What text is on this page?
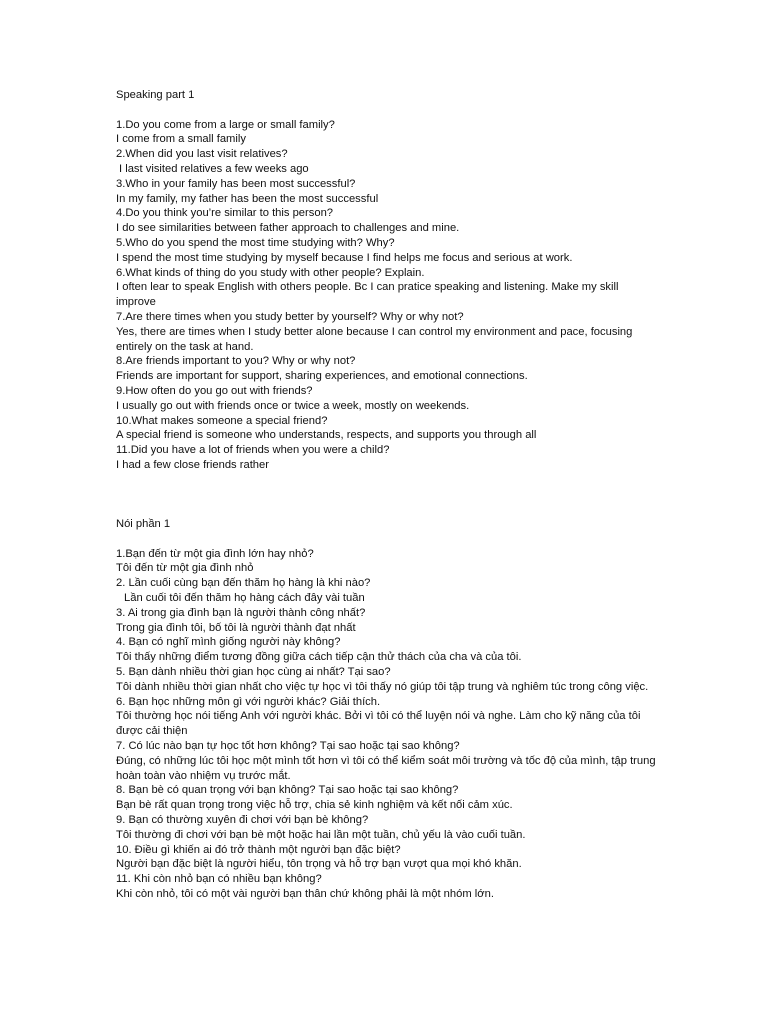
Speaking part 1
1.Do you come from a large or small family?
I come from a small family
2.When did you last visit relatives?
I last visited relatives a few weeks ago
3.Who in your family has been most successful?
In my family, my father has been the most successful
4.Do you think you’re similar to this person?
I do see similarities between father approach to challenges and mine.
5.Who do you spend the most time studying with? Why?
I spend the most time studying by myself because I find helps me focus and serious at work.
6.What kinds of thing do you study with other people? Explain.
I often lear to speak English with others people. Bc I can pratice speaking and listening. Make my skill improve
7.Are there times when you study better by yourself? Why or why not?
Yes, there are times when I study better alone because I can control my environment and pace, focusing entirely on the task at hand.
8.Are friends important to you? Why or why not?
Friends are important for support, sharing experiences, and emotional connections.
9.How often do you go out with friends?
I usually go out with friends once or twice a week, mostly on weekends.
10.What makes someone a special friend?
A special friend is someone who understands, respects, and supports you through all
11.Did you have a lot of friends when you were a child?
I had a few close friends rather
Nói phần 1
1.Bạn đến từ một gia đình lớn hay nhỏ?
Tôi đến từ một gia đình nhỏ
2. Lần cuối cùng bạn đến thăm họ hàng là khi nào?
Lần cuối tôi đến thăm họ hàng cách đây vài tuần
3. Ai trong gia đình bạn là người thành công nhất?
Trong gia đình tôi, bố tôi là người thành đạt nhất
4. Bạn có nghĩ mình giống người này không?
Tôi thấy những điểm tương đồng giữa cách tiếp cận thử thách của cha và của tôi.
5. Bạn dành nhiều thời gian học cùng ai nhất? Tại sao?
Tôi dành nhiều thời gian nhất cho việc tự học vì tôi thấy nó giúp tôi tập trung và nghiêm túc trong công việc.
6. Bạn học những môn gì với người khác? Giải thích.
Tôi thường học nói tiếng Anh với người khác. Bởi vì tôi có thể luyện nói và nghe. Làm cho kỹ năng của tôi được cải thiện
7. Có lúc nào bạn tự học tốt hơn không? Tại sao hoặc tại sao không?
Đúng, có những lúc tôi học một mình tốt hơn vì tôi có thể kiểm soát môi trường và tốc độ của mình, tập trung hoàn toàn vào nhiệm vụ trước mắt.
8. Bạn bè có quan trọng với bạn không? Tại sao hoặc tại sao không?
Bạn bè rất quan trọng trong việc hỗ trợ, chia sẻ kinh nghiệm và kết nối cảm xúc.
9. Bạn có thường xuyên đi chơi với bạn bè không?
Tôi thường đi chơi với bạn bè một hoặc hai lần một tuần, chủ yếu là vào cuối tuần.
10. Điều gì khiến ai đó trở thành một người bạn đặc biệt?
Người bạn đặc biệt là người hiểu, tôn trọng và hỗ trợ bạn vượt qua mọi khó khăn.
11. Khi còn nhỏ bạn có nhiều bạn không?
Khi còn nhỏ, tôi có một vài người bạn thân chứ không phải là một nhóm lớn.
